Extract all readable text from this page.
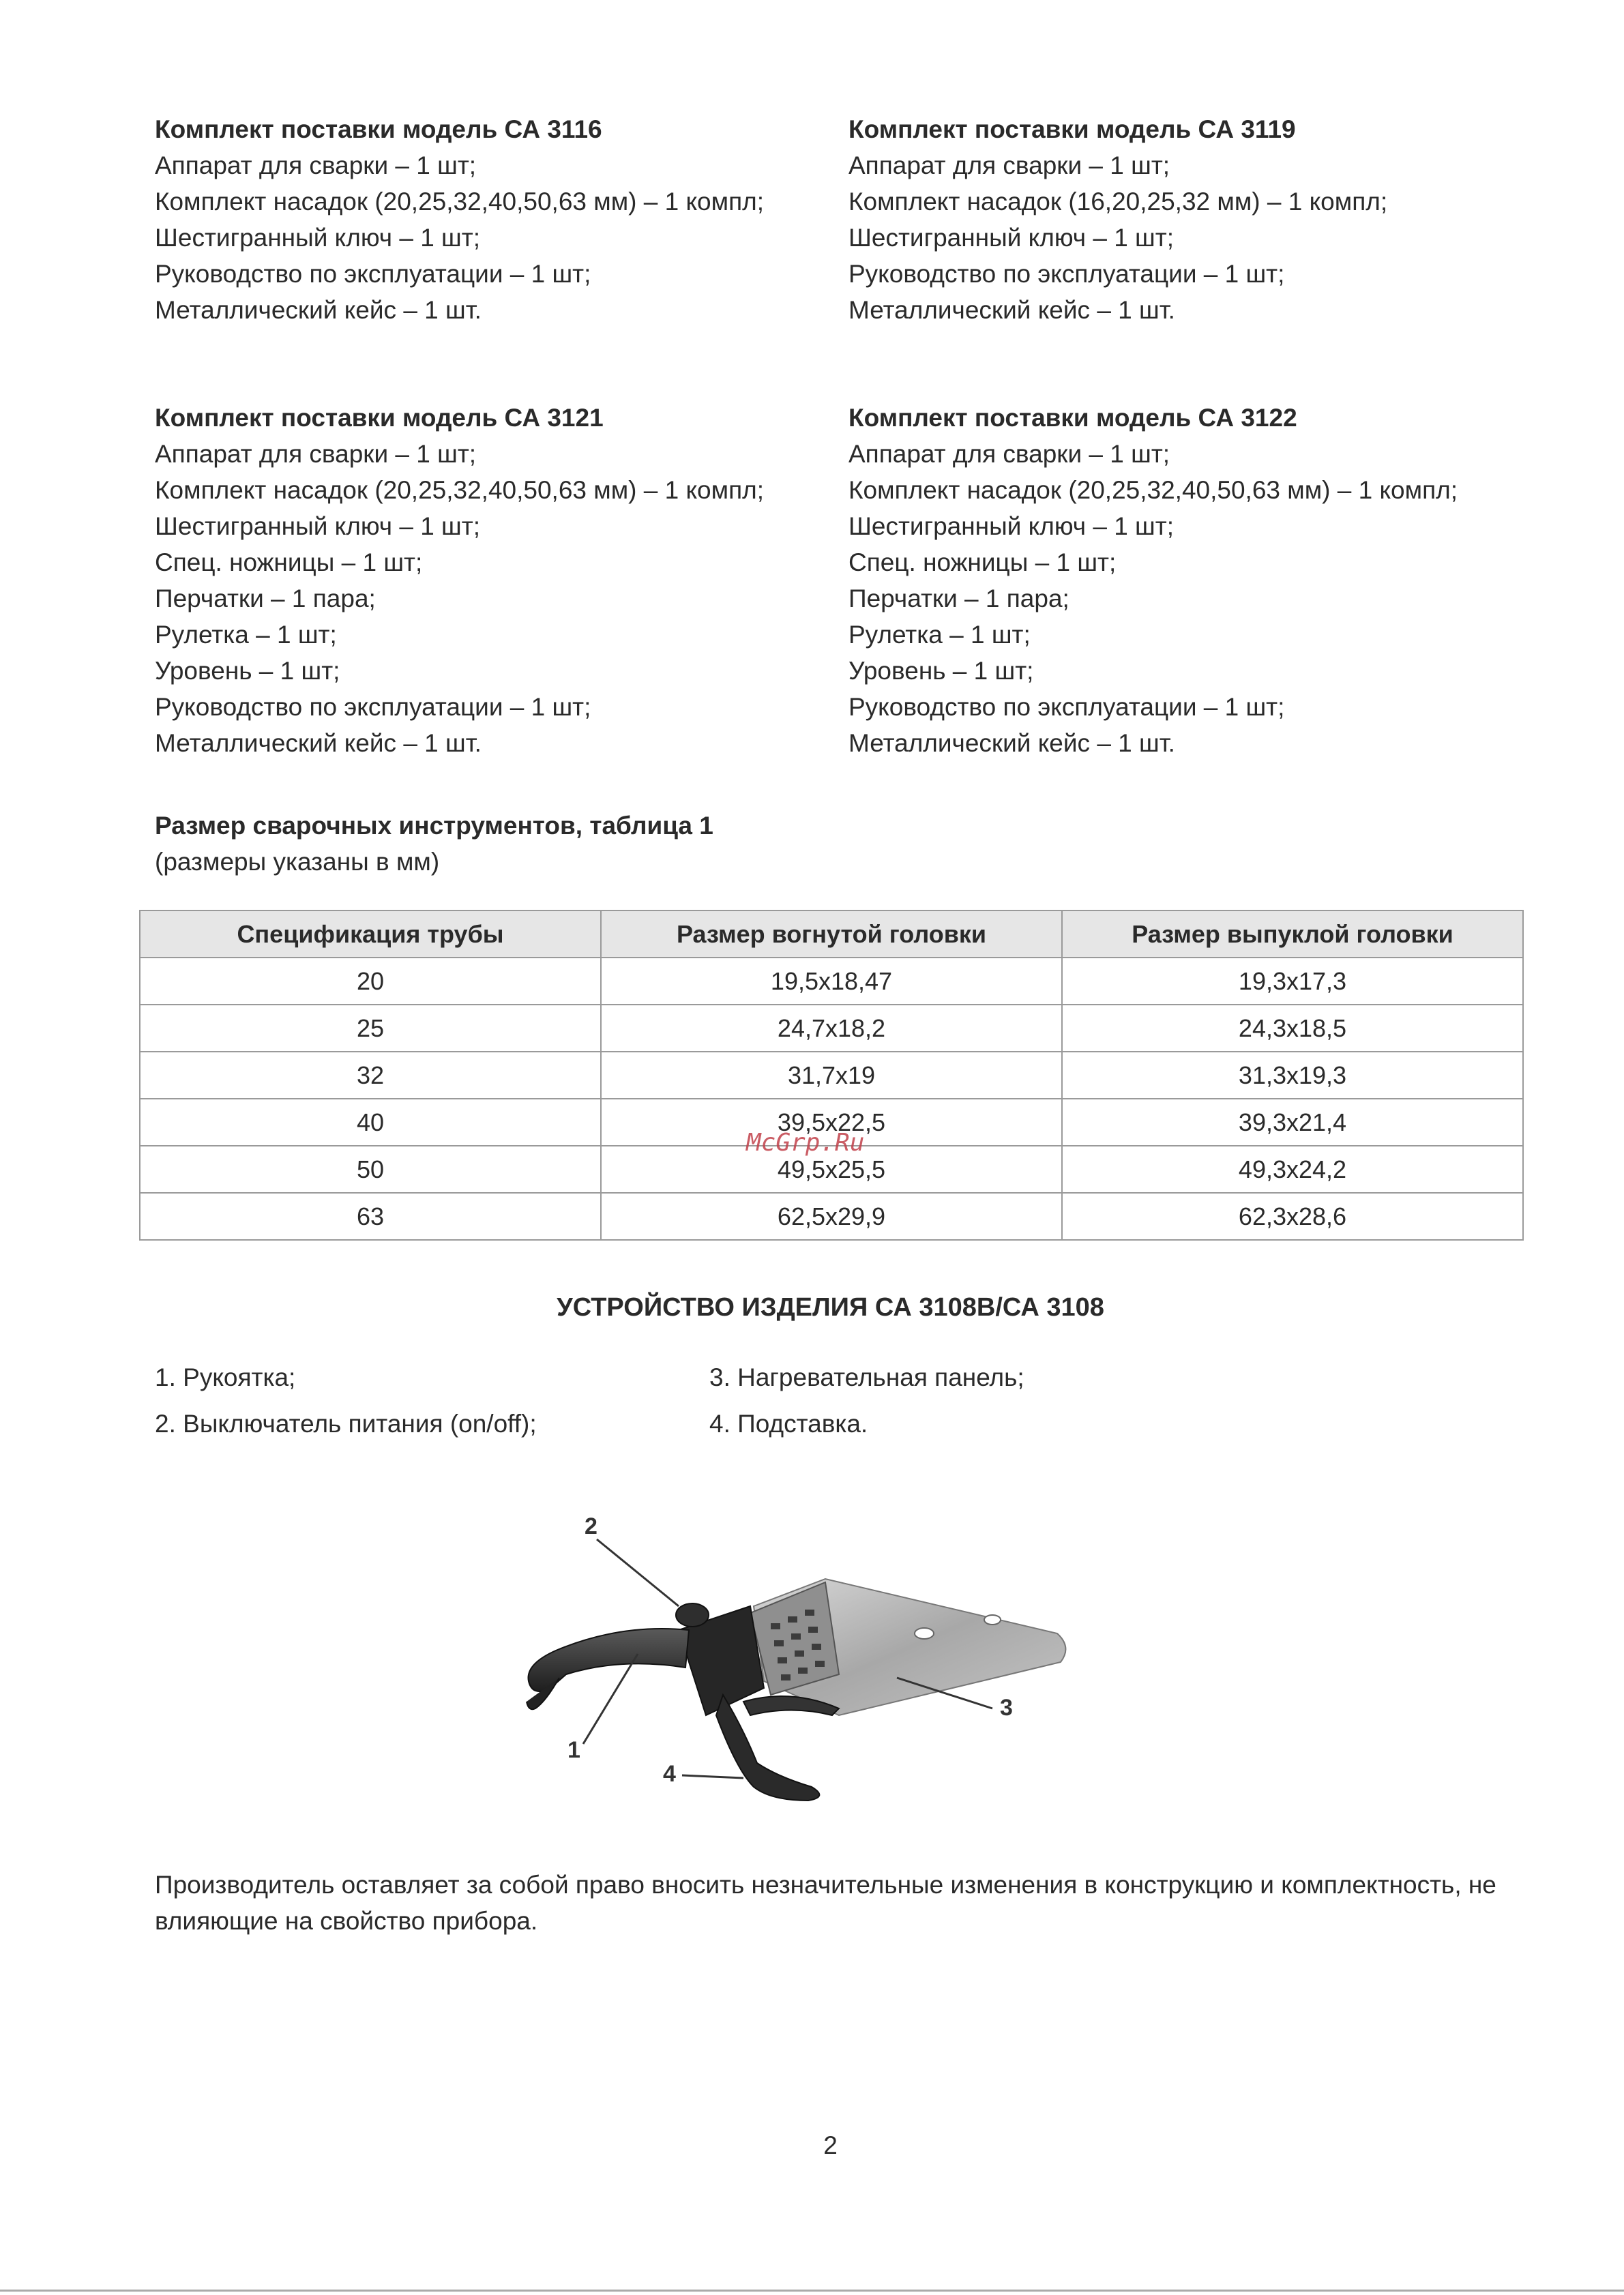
Комплект поставки модель СА 3116
Аппарат для сварки – 1 шт;
Комплект насадок (20,25,32,40,50,63 мм) – 1 компл;
Шестигранный ключ – 1 шт;
Руководство по эксплуатации – 1 шт;
Металлический кейс – 1 шт.
Комплект поставки модель СА 3119
Аппарат для сварки – 1 шт;
Комплект насадок (16,20,25,32 мм) – 1 компл;
Шестигранный ключ – 1 шт;
Руководство по эксплуатации – 1 шт;
Металлический кейс – 1 шт.
Комплект поставки модель СА 3121
Аппарат для сварки – 1 шт;
Комплект насадок (20,25,32,40,50,63 мм) – 1 компл;
Шестигранный ключ – 1 шт;
Спец. ножницы – 1 шт;
Перчатки – 1 пара;
Рулетка – 1 шт;
Уровень – 1 шт;
Руководство по эксплуатации – 1 шт;
Металлический кейс – 1 шт.
Комплект поставки модель СА 3122
Аппарат для сварки – 1 шт;
Комплект насадок (20,25,32,40,50,63 мм) – 1 компл;
Шестигранный ключ – 1 шт;
Спец. ножницы – 1 шт;
Перчатки – 1 пара;
Рулетка – 1 шт;
Уровень – 1 шт;
Руководство по эксплуатации – 1 шт;
Металлический кейс – 1 шт.
Размер сварочных инструментов, таблица 1
(размеры указаны в мм)
Спецификация трубы	Размер вогнутой головки	Размер выпуклой головки
20	19,5x18,47	19,3x17,3
25	24,7x18,2	24,3x18,5
32	31,7x19	31,3x19,3
40	39,5x22,5	39,3x21,4
50	49,5x25,5	49,3x24,2
63	62,5x29,9	62,3x28,6
McGrp.Ru
УСТРОЙСТВО ИЗДЕЛИЯ СА 3108В/СА 3108
1. Рукоятка;
2. Выключатель питания (on/off);
3. Нагревательная панель;
4. Подставка.
2
1
3
4
Производитель оставляет за собой право вносить незначительные изменения в конструкцию и комплектность, не влияющие на свойство прибора.
2
